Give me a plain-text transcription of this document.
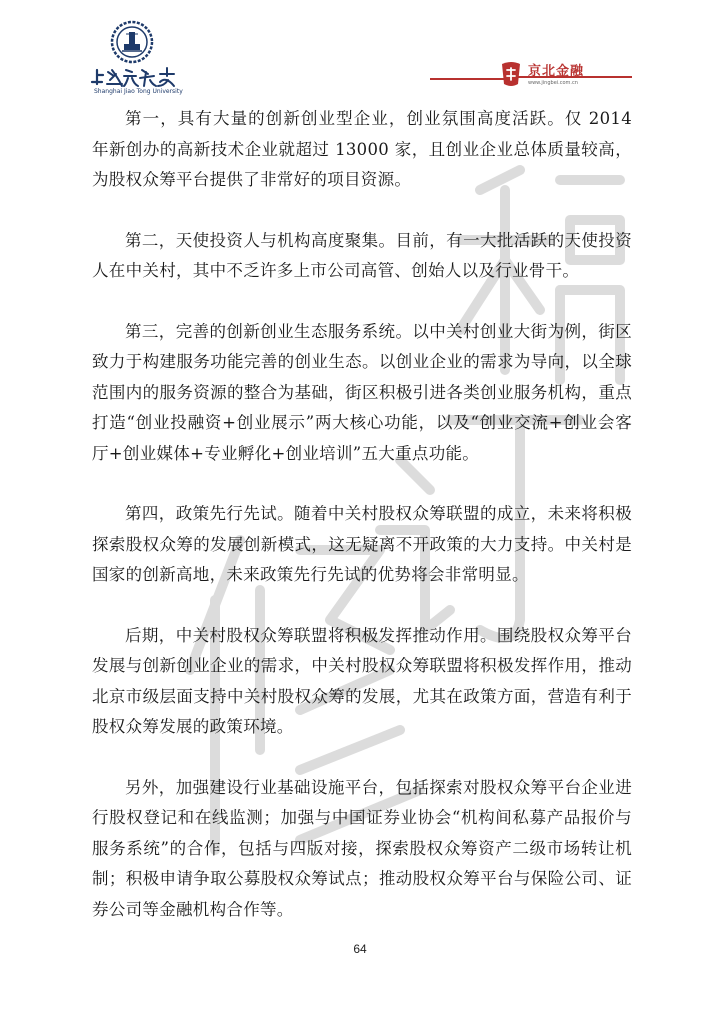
Shanghai Jiao Tong University
京北金融
www.jingbei.com.cn

第一，具有大量的创新创业型企业，创业氛围高度活跃。仅 2014 年新创办的高新技术企业就超过 13000 家，且创业企业总体质量较高，为股权众筹平台提供了非常好的项目资源。

第二，天使投资人与机构高度聚集。目前，有一大批活跃的天使投资人在中关村，其中不乏许多上市公司高管、创始人以及行业骨干。

第三，完善的创新创业生态服务系统。以中关村创业大街为例，街区致力于构建服务功能完善的创业生态。以创业企业的需求为导向，以全球范围内的服务资源的整合为基础，街区积极引进各类创业服务机构，重点打造“创业投融资+创业展示”两大核心功能，以及“创业交流+创业会客厅+创业媒体+专业孵化+创业培训”五大重点功能。

第四，政策先行先试。随着中关村股权众筹联盟的成立，未来将积极探索股权众筹的发展创新模式，这无疑离不开政策的大力支持。中关村是国家的创新高地，未来政策先行先试的优势将会非常明显。

后期，中关村股权众筹联盟将积极发挥推动作用。围绕股权众筹平台发展与创新创业企业的需求，中关村股权众筹联盟将积极发挥作用，推动北京市级层面支持中关村股权众筹的发展，尤其在政策方面，营造有利于股权众筹发展的政策环境。

另外，加强建设行业基础设施平台，包括探索对股权众筹平台企业进行股权登记和在线监测；加强与中国证券业协会“机构间私募产品报价与服务系统”的合作，包括与四版对接，探索股权众筹资产二级市场转让机制；积极申请争取公募股权众筹试点；推动股权众筹平台与保险公司、证券公司等金融机构合作等。

64
